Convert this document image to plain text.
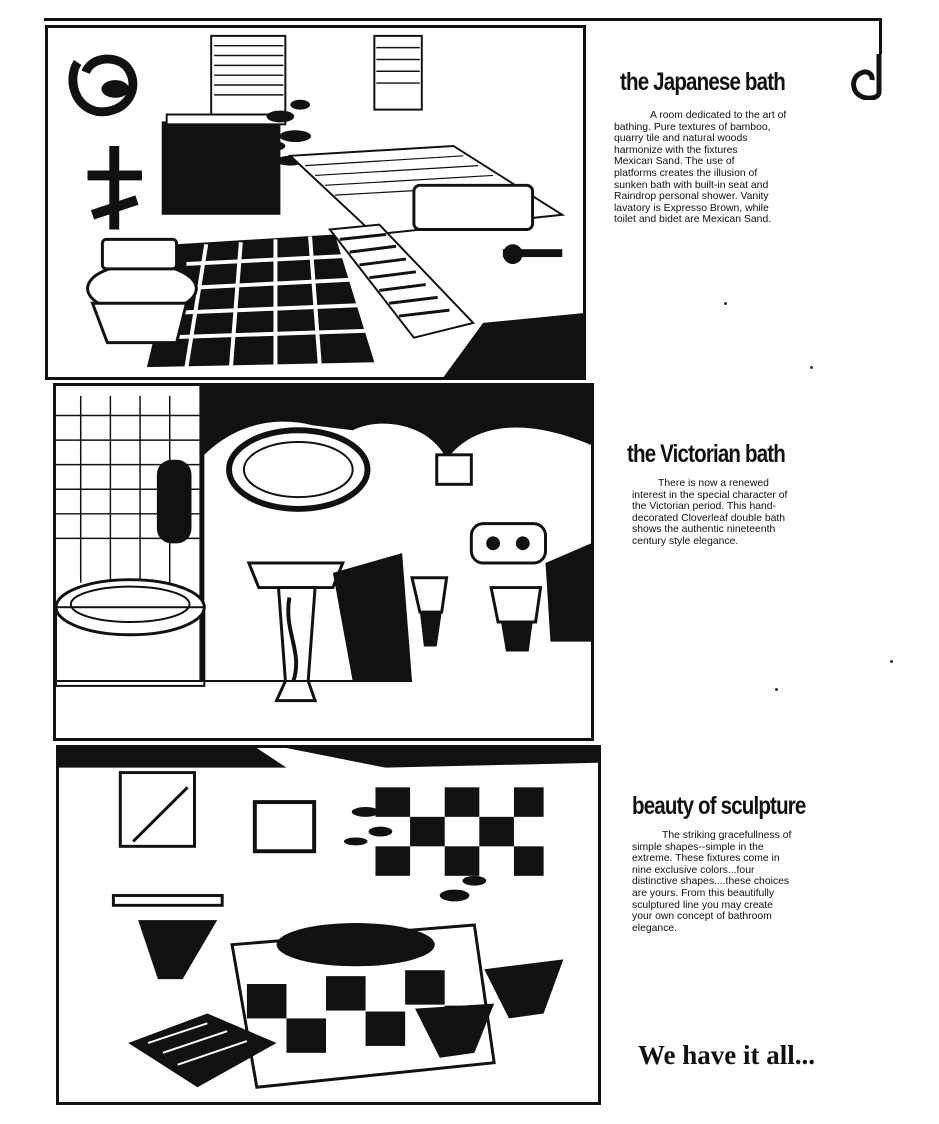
the Japanese bath

A room dedicated to the art of
bathing. Pure textures of bamboo,
quarry tile and natural woods
harmonize with the fixtures
Mexican Sand. The use of
platforms creates the illusion of
sunken bath with built-in seat and
Raindrop personal shower. Vanity
lavatory is Expresso Brown, while
toilet and bidet are Mexican Sand.

the Victorian bath

There is now a renewed
interest in the special character of
the Victorian period. This hand-
decorated Cloverleaf double bath
shows the authentic nineteenth
century style elegance.

beauty of sculpture

The striking gracefullness of
simple shapes--simple in the
extreme. These fixtures come in
nine exclusive colors...four
distinctive shapes....these choices
are yours. From this beautifully
sculptured line you may create
your own concept of bathroom
elegance.

We have it all...
